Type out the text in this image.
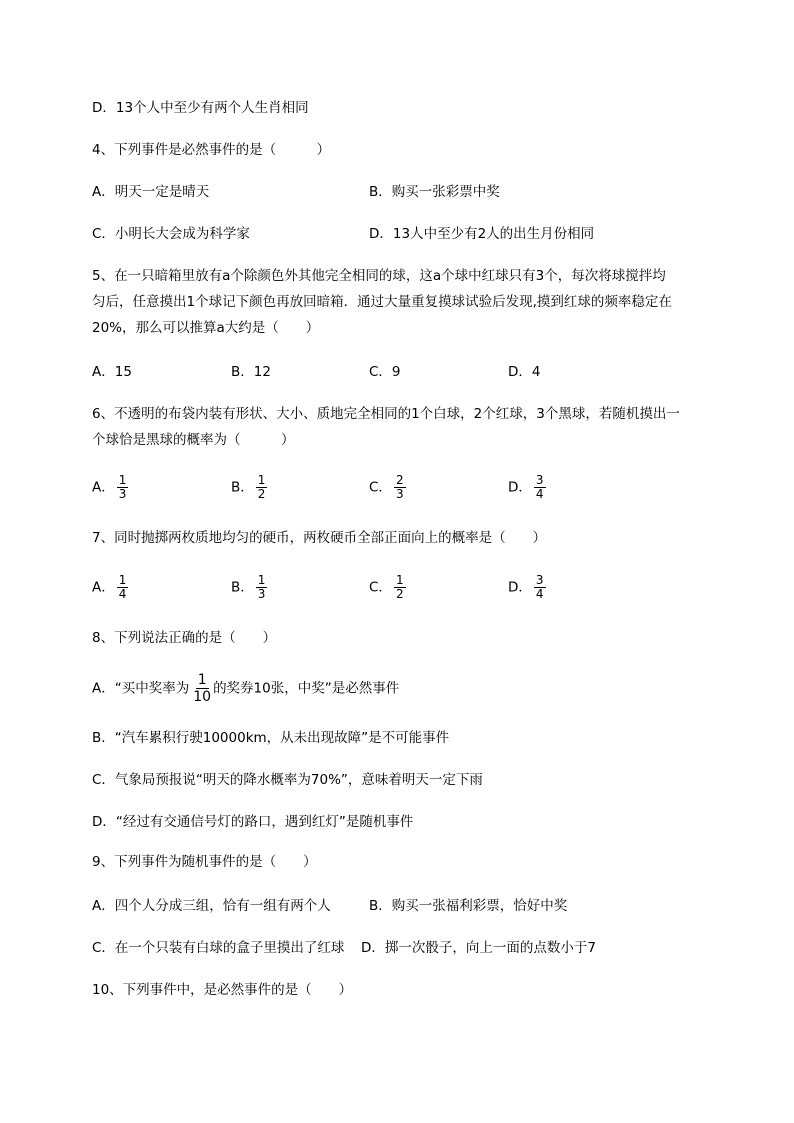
D．13个人中至少有两个人生肖相同
4、下列事件是必然事件的是（　　　）
A．明天一定是晴天	B．购买一张彩票中奖
C．小明长大会成为科学家	D．13人中至少有2人的出生月份相同
5、在一只暗箱里放有a个除颜色外其他完全相同的球，这a个球中红球只有3个，每次将球搅拌均
匀后，任意摸出1个球记下颜色再放回暗箱．通过大量重复摸球试验后发现,摸到红球的频率稳定在
20%，那么可以推算a大约是（　　）
A．15	B．12	C．9	D．4
6、不透明的布袋内装有形状、大小、质地完全相同的1个白球，2个红球，3个黑球，若随机摸出一
个球恰是黑球的概率为（　　　）
A． $\frac{1}{3}$	B． $\frac{1}{2}$	C． $\frac{2}{3}$	D． $\frac{3}{4}$
7、同时抛掷两枚质地均匀的硬币，两枚硬币全部正面向上的概率是（　　）
A． $\frac{1}{4}$	B． $\frac{1}{3}$	C． $\frac{1}{2}$	D． $\frac{3}{4}$
8、下列说法正确的是（　　）
A．“买中奖率为 $\frac{1}{10}$ 的奖券10张，中奖”是必然事件
B．“汽车累积行驶10000km，从未出现故障”是不可能事件
C．气象局预报说“明天的降水概率为70%”，意味着明天一定下雨
D．“经过有交通信号灯的路口，遇到红灯”是随机事件
9、下列事件为随机事件的是（　　）
A．四个人分成三组，恰有一组有两个人	B．购买一张福利彩票，恰好中奖
C．在一个只装有白球的盒子里摸出了红球 D．掷一次骰子，向上一面的点数小于7
10、下列事件中，是必然事件的是（　　）
